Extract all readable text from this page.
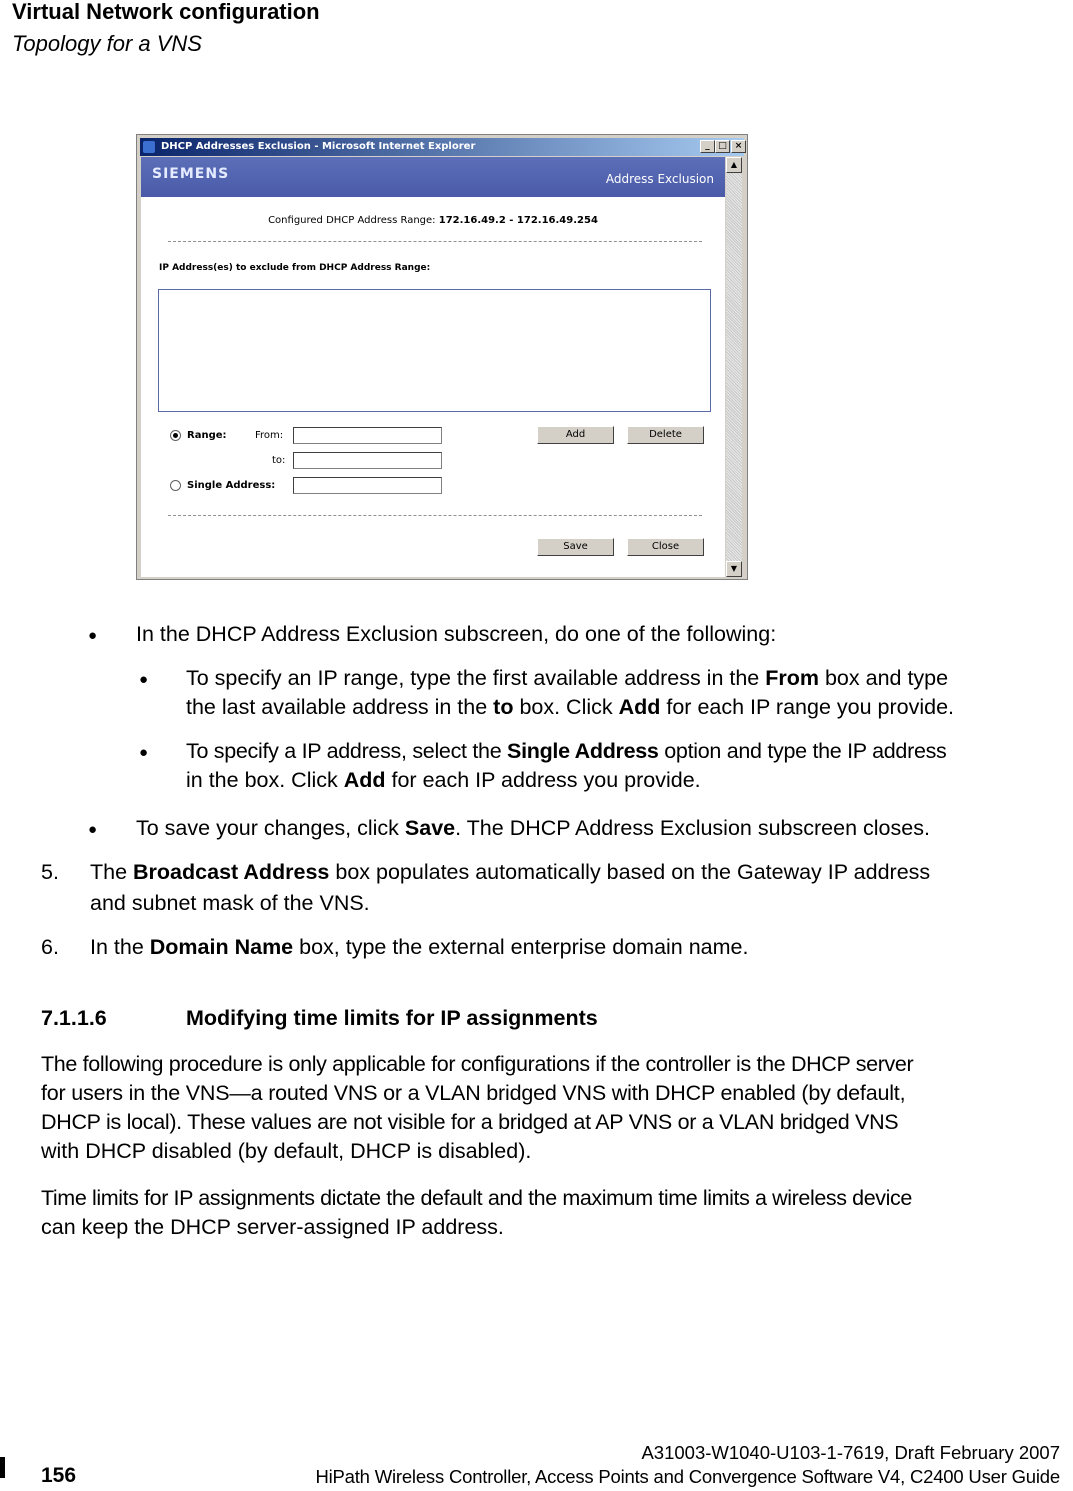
Virtual Network configuration
Topology for a VNS
DHCP Addresses Exclusion - Microsoft Internet Explorer	_ □ ×
SIEMENS	Address Exclusion
Configured DHCP Address Range: 172.16.49.2 - 172.16.49.254
IP Address(es) to exclude from DHCP Address Range:
Range:	From:
to:
Single Address:
Add	Delete
Save	Close
▲
▼
● In the DHCP Address Exclusion subscreen, do one of the following:
● To specify an IP range, type the first available address in the From box and type
the last available address in the to box. Click Add for each IP range you provide.
● To specify a IP address, select the Single Address option and type the IP address
in the box. Click Add for each IP address you provide.
● To save your changes, click Save. The DHCP Address Exclusion subscreen closes.
5. The Broadcast Address box populates automatically based on the Gateway IP address
and subnet mask of the VNS.
6. In the Domain Name box, type the external enterprise domain name.
7.1.1.6	Modifying time limits for IP assignments
The following procedure is only applicable for configurations if the controller is the DHCP server
for users in the VNS—a routed VNS or a VLAN bridged VNS with DHCP enabled (by default,
DHCP is local). These values are not visible for a bridged at AP VNS or a VLAN bridged VNS
with DHCP disabled (by default, DHCP is disabled).
Time limits for IP assignments dictate the default and the maximum time limits a wireless device
can keep the DHCP server-assigned IP address.
A31003-W1040-U103-1-7619, Draft February 2007
156	HiPath Wireless Controller, Access Points and Convergence Software V4, C2400 User Guide
